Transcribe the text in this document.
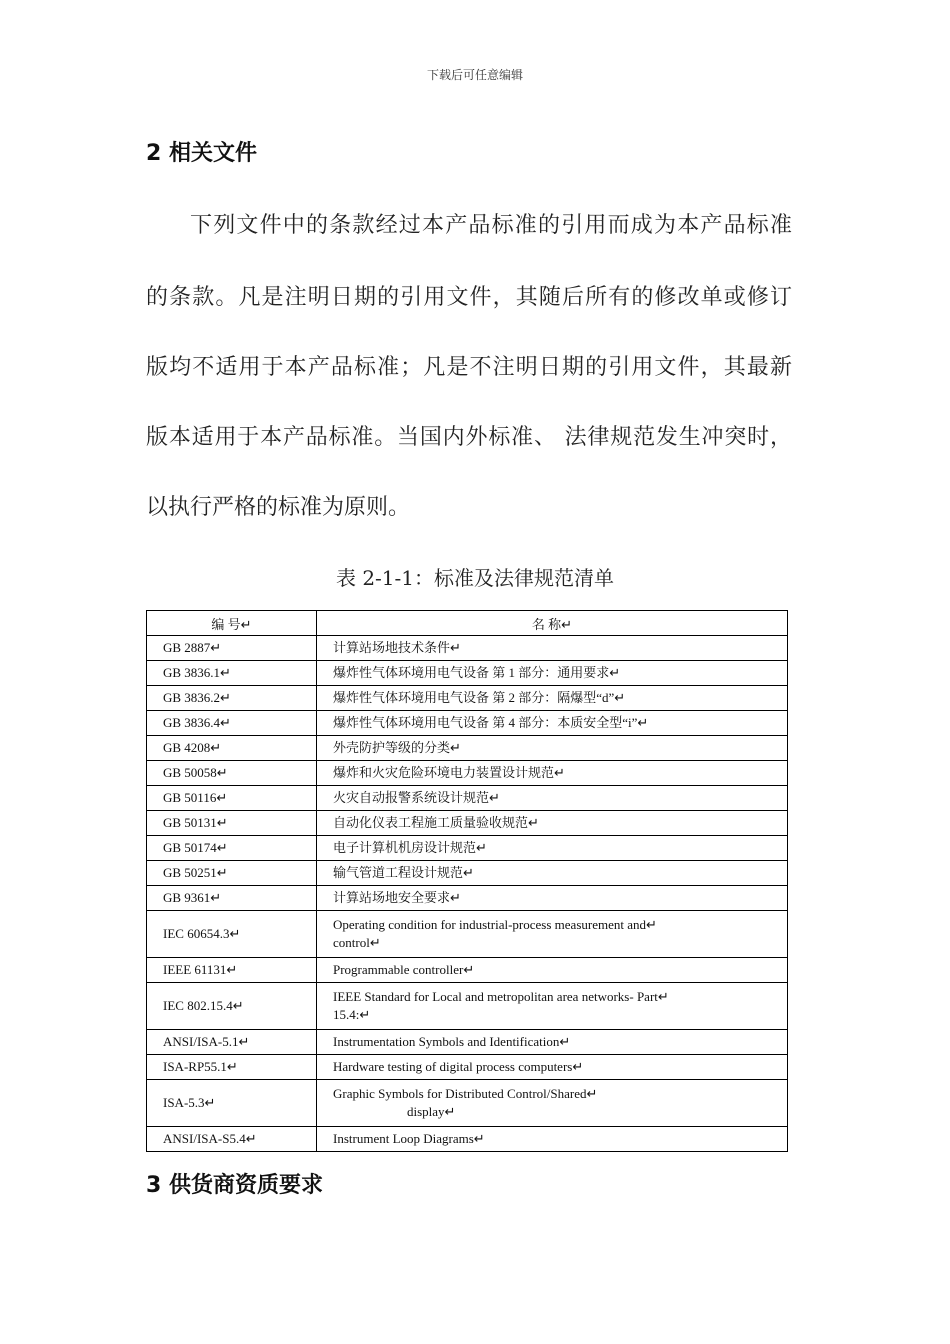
下载后可任意编辑
2 相关文件
下列文件中的条款经过本产品标准的引用而成为本产品标准
的条款。凡是注明日期的引用文件，其随后所有的修改单或修订
版均不适用于本产品标准；凡是不注明日期的引用文件，其最新
版本适用于本产品标准。当国内外标准、 法律规范发生冲突时，
以执行严格的标准为原则。
表 2-1-1：标准及法律规范清单
编 号↵	名 称↵
GB 2887↵	计算站场地技术条件↵
GB 3836.1↵	爆炸性气体环境用电气设备 第 1 部分：通用要求↵
GB 3836.2↵	爆炸性气体环境用电气设备 第 2 部分：隔爆型“d”↵
GB 3836.4↵	爆炸性气体环境用电气设备 第 4 部分：本质安全型“i”↵
GB 4208↵	外壳防护等级的分类↵
GB 50058↵	爆炸和火灾危险环境电力装置设计规范↵
GB 50116↵	火灾自动报警系统设计规范↵
GB 50131↵	自动化仪表工程施工质量验收规范↵
GB 50174↵	电子计算机机房设计规范↵
GB 50251↵	输气管道工程设计规范↵
GB 9361↵	计算站场地安全要求↵
IEC 60654.3↵	Operating condition for industrial-process measurement and↵
control↵

IEEE 61131↵	Programmable controller↵
IEC 802.15.4↵	IEEE Standard for Local and metropolitan area networks- Part↵
15.4:↵

ANSI/ISA-5.1↵	Instrumentation Symbols and Identification↵
ISA-RP55.1↵	Hardware testing of digital process computers↵
ISA-5.3↵	Graphic Symbols for Distributed Control/Shared↵
display↵

ANSI/ISA-S5.4↵	Instrument Loop Diagrams↵
3 供货商资质要求
